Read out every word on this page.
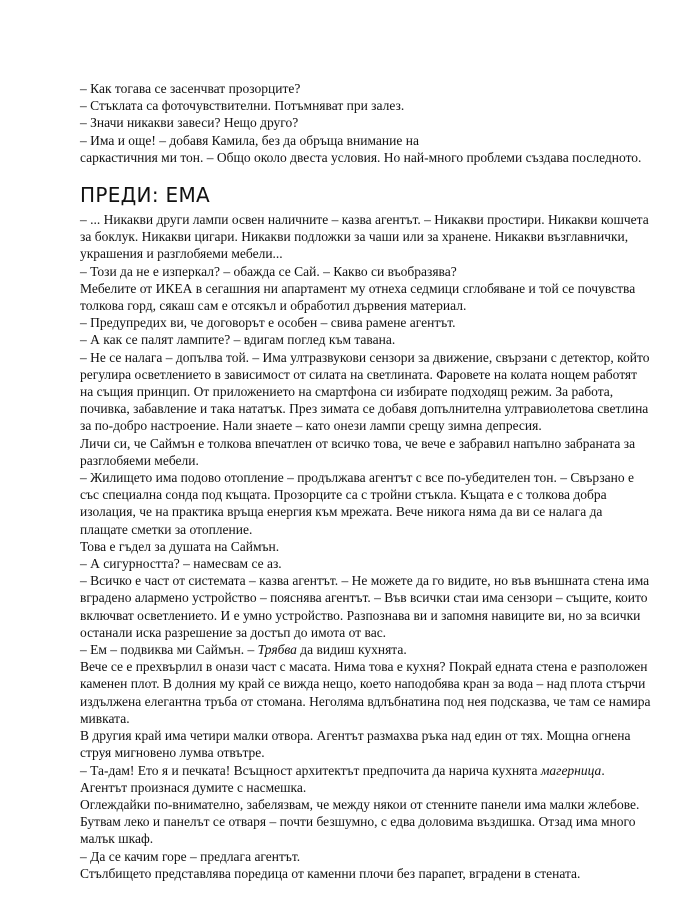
– Как тогава се засенчват прозорците?

– Стъклата са фоточувствителни. Потъмняват при залез.

– Значи никакви завеси? Нещо друго?

– Има и още! – добавя Камила, без да обръща внимание на

саркастичния ми тон. – Общо около двеста условия. Но най-много проблеми създава последното.

ПРЕДИ: ЕМА

– ... Никакви други лампи освен наличните – казва агентът. – Никакви простири. Никакви кошчета

за боклук. Никакви цигари. Никакви подложки за чаши или за хранене. Никакви възглавнички,

украшения и разглобяеми мебели...

– Този да не е изперкал? – обажда се Сай. – Какво си въобразява?

Мебелите от ИКЕА в сегашния ни апартамент му отнеха седмици сглобяване и той се почувства

толкова горд, сякаш сам е отсякъл и обработил дървения материал.

– Предупредих ви, че договорът е особен – свива рамене агентът.

– А как се палят лампите? – вдигам поглед към тавана.

– Не се налага – допълва той. – Има ултразвукови сензори за движение, свързани с детектор, който

регулира осветлението в зависимост от силата на светлината. Фаровете на колата нощем работят

на същия принцип. От приложението на смартфона си избирате подходящ режим. За работа,

почивка, забавление и така нататък. През зимата се добавя допълнителна ултравиолетова светлина

за по-добро настроение. Нали знаете – като онези лампи срещу зимна депресия.

Личи си, че Саймън е толкова впечатлен от всичко това, че вече е забравил напълно забраната за

разглобяеми мебели.

– Жилището има подово отопление – продължава агентът с все по-убедителен тон. – Свързано е

със специална сонда под къщата. Прозорците са с тройни стъкла. Къщата е с толкова добра

изолация, че на практика връща енергия към мрежата. Вече никога няма да ви се налага да

плащате сметки за отопление.

Това е гъдел за душата на Саймън.

– А сигурността? – намесвам се аз.

– Всичко е част от системата – казва агентът. – Не можете да го видите, но във външната стена има

вградено аларменo устройство – пояснява агентът. – Във всички стаи има сензори – същите, които

включват осветлението. И е умно устройство. Разпознава ви и запомня навиците ви, но за всички

останали иска разрешение за достъп до имота от вас.

– Ем – подвиква ми Саймън. – Трябва да видиш кухнята.

Вече се е прехвърлил в онази част с масата. Нима това е кухня? Покрай едната стена е разположен

каменен плот. В долния му край се вижда нещо, което наподобява кран за вода – над плота стърчи

издължена елегантна тръба от стомана. Неголяма вдлъбнатина под нея подсказва, че там се намира

мивката.

В другия край има четири малки отвора. Агентът размахва ръка над един от тях. Мощна огнена

струя мигновено лумва отвътре.

– Та-дам! Ето я и печката! Всъщност архитектът предпочита да нарича кухнята магерница.

Агентът произнася думите с насмешка.

Оглеждайки по-внимателно, забелязвам, че между някои от стенните панели има малки жлебове.

Бутвам леко и панелът се отваря – почти безшумно, с едва доловима въздишка. Отзад има много

малък шкаф.

– Да се качим горе – предлага агентът.

Стълбището представлява поредица от каменни плочи без парапет, вградени в стената.
